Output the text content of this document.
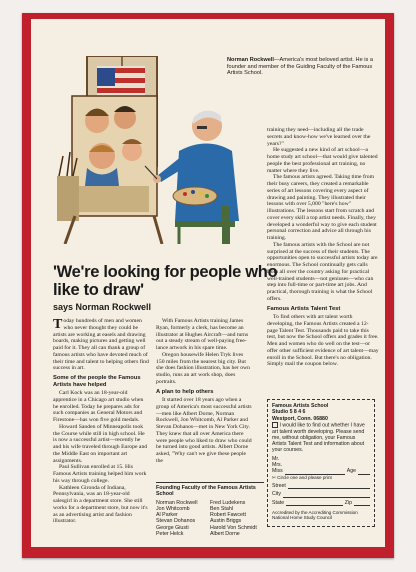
Norman Rockwell—America's most beloved artist. He is a founder and member of the Guiding Faculty of the Famous Artists School.
'We're looking for people who like to draw'
says Norman Rockwell

Today hundreds of men and women who never thought they could be artists are working at easels and drawing boards, making pictures and getting well paid for it. They all can thank a group of famous artists who have devoted much of their time and talent to helping others find success in art.

Some of the people the Famous Artists have helped

Carl Kock was an 18-year-old apprentice in a Chicago art studio when he enrolled. Today he prepares ads for such companies as General Motors and Firestone—has won five gold medals.

Howard Sanden of Minneapolis took the Course while still in high school. He is now a successful artist—recently he and his wife traveled through Europe and the Middle East on important art assignments.

Paul Sullivan enrolled at 15. His Famous Artists training helped him work his way through college.

Kathleen Gironda of Indiana, Pennsylvania, was an 18-year-old salesgirl in a department store. She still works for a department store, but now it's as an advertising artist and fashion illustrator.

With Famous Artists training James Ryan, formerly a clerk, has become an illustrator at Hughes Aircraft—and turns out a steady stream of well-paying free-lance artwork in his spare time.

Oregon housewife Helen Tryk lives 150 miles from the nearest big city. But she does fashion illustration, has her own studio, runs an art work shop, does portraits.

A plan to help others

It started over 18 years ago when a group of America's most successful artists—men like Albert Dorne, Norman Rockwell, Jon Whitcomb, Al Parker and Stevan Dohanos—met in New York City. They knew that all over America there were people who liked to draw who could be turned into good artists. Albert Dorne asked, "Why can't we give these people the

Founding Faculty of the Famous Artists School
Norman Rockwell	Fred Ludekens
Jon Whitcomb	Ben Stahl
Al Parker	Robert Fawcett
Stevan Dohanos	Austin Briggs
George Giusti	Harold Von Schmidt
Peter Helck	Albert Dorne

training they need—including all the trade secrets and know-how we've learned over the years?"

He suggested a new kind of art school—a home study art school—that would give talented people the best professional art training, no matter where they live.

The famous artists agreed. Taking time from their busy careers, they created a remarkable series of art lessons covering every aspect of drawing and painting. They illustrated their lessons with over 5,000 "here's how" illustrations. The lessons start from scratch and cover every skill a top artist needs. Finally, they developed a wonderful way to give each student personal correction and advice all through his training.

The famous artists with the School are not surprised at the success of their students. The opportunities open to successful artists today are enormous. The School continually gets calls from all over the country asking for practical well-trained students—not geniuses—who can step into full-time or part-time art jobs. And practical, thorough training is what the School offers.

Famous Artists Talent Test

To find others with art talent worth developing, the Famous Artists created a 12-page Talent Test. Thousands paid to take this test, but now the School offers and grades it free. Men and women who do well on the test—or offer other sufficient evidence of art talent—may enroll in the School. But there's no obligation. Simply mail the coupon below.

Famous Artists School
Studio 5 8 4 6
Westport, Conn. 06880
I would like to find out whether I have art talent worth developing. Please send me, without obligation, your Famous Artists Talent Test and information about your courses.
Mr.
Mrs.
Miss	Age
✄ Circle one and please print
Street
City
State	Zip
Accredited by the Accrediting Commission National Home Study Council
